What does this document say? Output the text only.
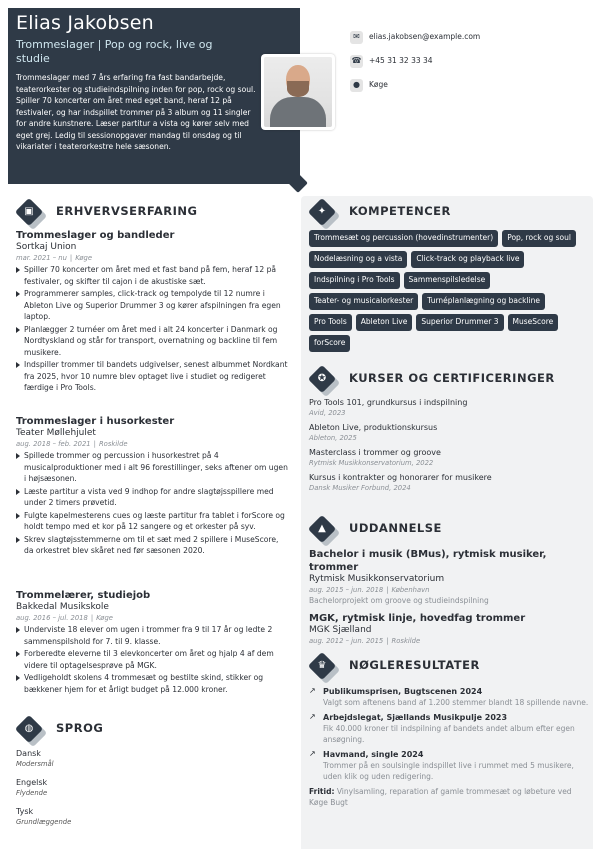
Elias Jakobsen
Trommeslager | Pop og rock, live og studie
Trommeslager med 7 års erfaring fra fast bandarbejde, teaterorkester og studieindspilning inden for pop, rock og soul. Spiller 70 koncerter om året med eget band, heraf 12 på festivaler, og har indspillet trommer på 3 album og 11 singler for andre kunstnere. Læser partitur a vista og kører selv med eget grej. Ledig til sessionopgaver mandag til onsdag og til vikariater i teaterorkestre hele sæsonen.
✉	elias.jakobsen@example.com
☎ +45 31 32 33 34
●	Køge
▣	ERHVERVSERFARING
Trommeslager og bandleder
Sortkaj Union
mar. 2021 – nu | Køge
Spiller 70 koncerter om året med et fast band på fem, heraf 12 på festivaler, og skifter til cajon i de akustiske sæt.
Programmerer samples, click-track og tempolyde til 12 numre i Ableton Live og Superior Drummer 3 og kører afspilningen fra egen laptop.
Planlægger 2 turnéer om året med i alt 24 koncerter i Danmark og Nordtyskland og står for transport, overnatning og backline til fem musikere.
Indspiller trommer til bandets udgivelser, senest albummet Nordkant fra 2025, hvor 10 numre blev optaget live i studiet og redigeret færdige i Pro Tools.
Trommeslager i husorkester
Teater Møllehjulet
aug. 2018 – feb. 2021 | Roskilde
Spillede trommer og percussion i husorkestret på 4 musicalproduktioner med i alt 96 forestillinger, seks aftener om ugen i højsæsonen.
Læste partitur a vista ved 9 indhop for andre slagtøjsspillere med under 2 timers prøvetid.
Fulgte kapelmesterens cues og læste partitur fra tablet i forScore og holdt tempo med et kor på 12 sangere og et orkester på syv.
Skrev slagtøjsstemmerne om til et sæt med 2 spillere i MuseScore, da orkestret blev skåret ned før sæsonen 2020.
Trommelærer, studiejob
Bakkedal Musikskole
aug. 2016 – jul. 2018 | Køge
Underviste 18 elever om ugen i trommer fra 9 til 17 år og ledte 2 sammenspilshold for 7. til 9. klasse.
Forberedte eleverne til 3 elevkoncerter om året og hjalp 4 af dem videre til optagelsesprøve på MGK.
Vedligeholdt skolens 4 trommesæt og bestilte skind, stikker og bækkener hjem for et årligt budget på 12.000 kroner.
◍	SPROG
Dansk
Modersmål
Engelsk
Flydende
Tysk
Grundlæggende
✦	KOMPETENCER
Trommesæt og percussion (hovedinstrumenter)	Pop, rock og soul
Nodelæsning og a vista	Click-track og playback live
Indspilning i Pro Tools	Sammenspilsledelse
Teater- og musicalorkester	Turnéplanlægning og backline
Pro Tools	Ableton Live	Superior Drummer 3	MuseScore
forScore
✪	KURSER OG CERTIFICERINGER
Pro Tools 101, grundkursus i indspilning
Avid, 2023
Ableton Live, produktionskursus
Ableton, 2025
Masterclass i trommer og groove
Rytmisk Musikkonservatorium, 2022
Kursus i kontrakter og honorarer for musikere
Dansk Musiker Forbund, 2024
▲	UDDANNELSE
Bachelor i musik (BMus), rytmisk musiker, trommer
Rytmisk Musikkonservatorium
aug. 2015 – jun. 2018 | København
Bachelorprojekt om groove og studieindspilning
MGK, rytmisk linje, hovedfag trommer
MGK Sjælland
aug. 2012 – jun. 2015 | Roskilde
♛	NØGLERESULTATER
↗ Publikumsprisen, Bugtscenen 2024
Valgt som aftenens band af 1.200 stemmer blandt 18 spillende navne.
↗ Arbejdslegat, Sjællands Musikpulje 2023
Fik 40.000 kroner til indspilning af bandets andet album efter egen ansøgning.
↗ Havmand, single 2024
Trommer på en soulsingle indspillet live i rummet med 5 musikere, uden klik og uden redigering.
Fritid: Vinylsamling, reparation af gamle trommesæt og løbeture ved Køge Bugt
